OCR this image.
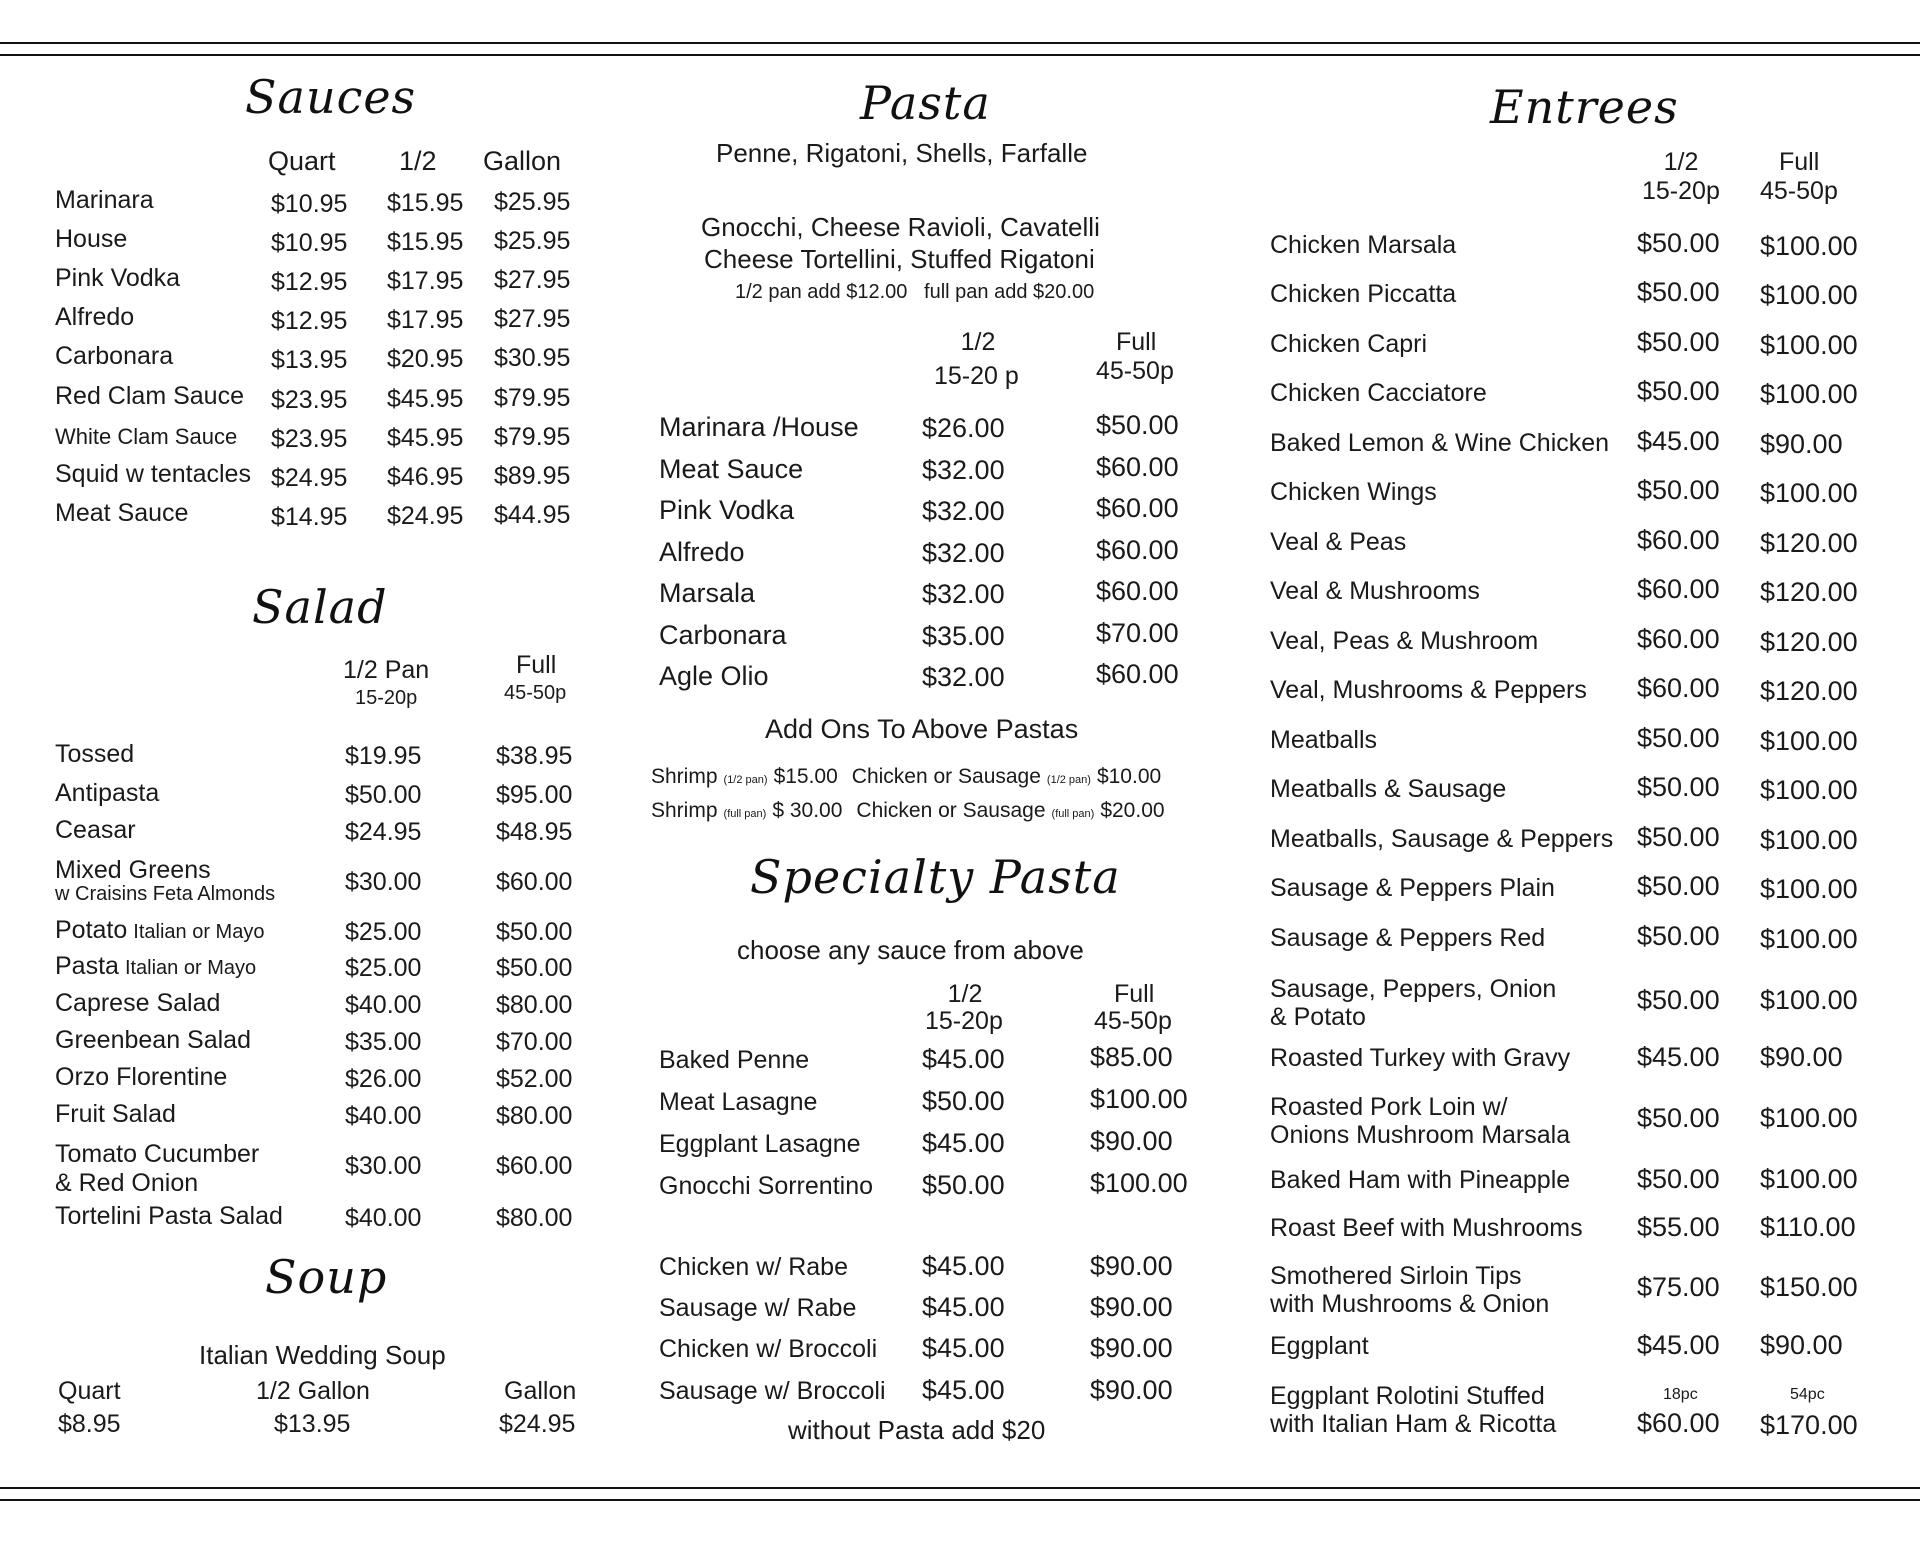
Sauces
Quart 1/2 Gallon
Marinara	$10.95 $15.95 $25.95
House	$10.95 $15.95 $25.95
Pink Vodka	$12.95 $17.95 $27.95
Alfredo	$12.95 $17.95 $27.95
Carbonara	$13.95 $20.95 $30.95
Red Clam Sauce $23.95 $45.95 $79.95
White Clam Sauce $23.95 $45.95 $79.95
Squid w tentacles $24.95 $46.95 $89.95
Meat Sauce	$14.95 $24.95 $44.95
Salad
1/2 Pan
15-20p
Full
45-50p
Tossed	$19.95	$38.95
Antipasta	$50.00	$95.00
Ceasar	$24.95	$48.95
Mixed Greens
w Craisins Feta Almonds	$30.00	$60.00
Potato Italian or Mayo	$25.00	$50.00
Pasta Italian or Mayo	$25.00	$50.00
Caprese Salad	$40.00	$80.00
Greenbean Salad	$35.00	$70.00
Orzo Florentine	$26.00	$52.00
Fruit Salad	$40.00	$80.00
Tomato Cucumber
& Red Onion
$30.00	$60.00
Tortelini Pasta Salad $40.00	$80.00
Soup
Italian Wedding Soup
Quart
$8.95
1/2 Gallon
$13.95
Gallon
$24.95
Pasta
Penne, Rigatoni, Shells, Farfalle
Gnocchi, Cheese Ravioli, Cavatelli
Cheese Tortellini, Stuffed Rigatoni
1/2 pan add $12.00   full pan add $20.00
1/2
15-20 p
Full
45-50p
Marinara /House $26.00	$50.00
Meat Sauce	$32.00	$60.00
Pink Vodka	$32.00	$60.00
Alfredo	$32.00	$60.00
Marsala	$32.00	$60.00
Carbonara	$35.00	$70.00
Agle Olio	$32.00	$60.00
Add Ons To Above Pastas
Shrimp (1/2 pan) $15.00 Chicken or Sausage (1/2 pan) $10.00
Shrimp (full pan) $ 30.00 Chicken or Sausage (full pan) $20.00
Specialty Pasta
choose any sauce from above
1/2
15-20p
Full
45-50p
Baked Penne	$45.00	$85.00
Meat Lasagne	$50.00	$100.00
Eggplant Lasagne $45.00	$90.00
Gnocchi Sorrentino $50.00	$100.00
Chicken w/ Rabe	$45.00	$90.00
Sausage w/ Rabe $45.00	$90.00
Chicken w/ Broccoli $45.00	$90.00
Sausage w/ Broccoli $45.00	$90.00
without Pasta add $20
Entrees
1/2
15-20p
Full
45-50p
Chicken Marsala	$50.00 $100.00
Chicken Piccatta	$50.00 $100.00
Chicken Capri	$50.00 $100.00
Chicken Cacciatore	$50.00 $100.00
Baked Lemon & Wine Chicken $45.00 $90.00
Chicken Wings	$50.00 $100.00
Veal & Peas	$60.00 $120.00
Veal & Mushrooms	$60.00 $120.00
Veal, Peas & Mushroom	$60.00 $120.00
Veal, Mushrooms & Peppers $60.00 $120.00
Meatballs	$50.00 $100.00
Meatballs & Sausage	$50.00 $100.00
Meatballs, Sausage & Peppers $50.00 $100.00
Sausage & Peppers Plain	$50.00 $100.00
Sausage & Peppers Red	$50.00 $100.00
Sausage, Peppers, Onion
& Potato
$50.00 $100.00
Roasted Turkey with Gravy $45.00 $90.00
Roasted Pork Loin w/
Onions Mushroom Marsala
$50.00 $100.00
Baked Ham with Pineapple $50.00 $100.00
Roast Beef with Mushrooms $55.00 $110.00
Smothered Sirloin Tips
with Mushrooms & Onion
$75.00 $150.00
Eggplant	$45.00 $90.00
Eggplant Rolotini Stuffed
with Italian Ham & Ricotta
18pc	54pc
$60.00 $170.00
